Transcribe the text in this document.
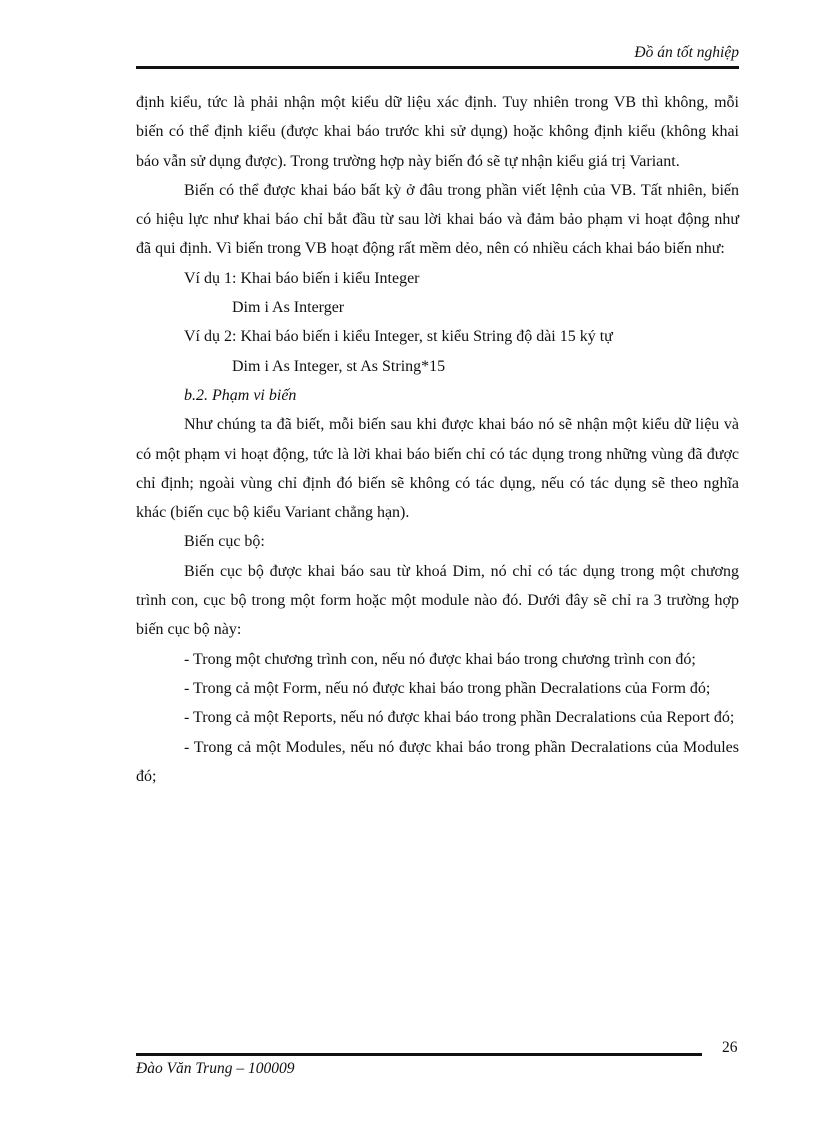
Đồ án tốt nghiệp

định kiểu, tức là phải nhận một kiểu dữ liệu xác định. Tuy nhiên trong VB thì không, mỗi biến có thể định kiểu (được khai báo trước khi sử dụng) hoặc không định kiểu (không khai báo vẫn sử dụng được). Trong trường hợp này biến đó sẽ tự nhận kiểu giá trị Variant.

Biến có thể được khai báo bất kỳ ở đâu trong phần viết lệnh của VB. Tất nhiên, biến có hiệu lực như khai báo chỉ bắt đầu từ sau lời khai báo và đảm bảo phạm vi hoạt động như đã qui định. Vì biến trong VB hoạt động rất mềm dẻo, nên có nhiều cách khai báo biến như:

Ví dụ 1: Khai báo biến i kiểu Integer

Dim i As Interger

Ví dụ 2: Khai báo biến i kiểu Integer, st kiểu String độ dài 15 ký tự

Dim i As Integer, st As String*15

b.2. Phạm vi biến

Như chúng ta đã biết, mỗi biến sau khi được khai báo nó sẽ nhận một kiểu dữ liệu và có một phạm vi hoạt động, tức là lời khai báo biến chỉ có tác dụng trong những vùng đã được chỉ định; ngoài vùng chỉ định đó biến sẽ không có tác dụng, nếu có tác dụng sẽ theo nghĩa khác (biến cục bộ kiểu Variant chẳng hạn).

Biến cục bộ:

Biến cục bộ được khai báo sau từ khoá Dim, nó chỉ có tác dụng trong một chương trình con, cục bộ trong một form hoặc một module nào đó. Dưới đây sẽ chỉ ra 3 trường hợp biến cục bộ này:

- Trong một chương trình con, nếu nó được khai báo trong chương trình con đó;

- Trong cả một Form, nếu nó được khai báo trong phần Decralations của Form đó;

- Trong cả một Reports, nếu nó được khai báo trong phần Decralations của Report đó;

- Trong cả một Modules, nếu nó được khai báo trong phần Decralations của Modules đó;

26
Đào Văn Trung – 100009
